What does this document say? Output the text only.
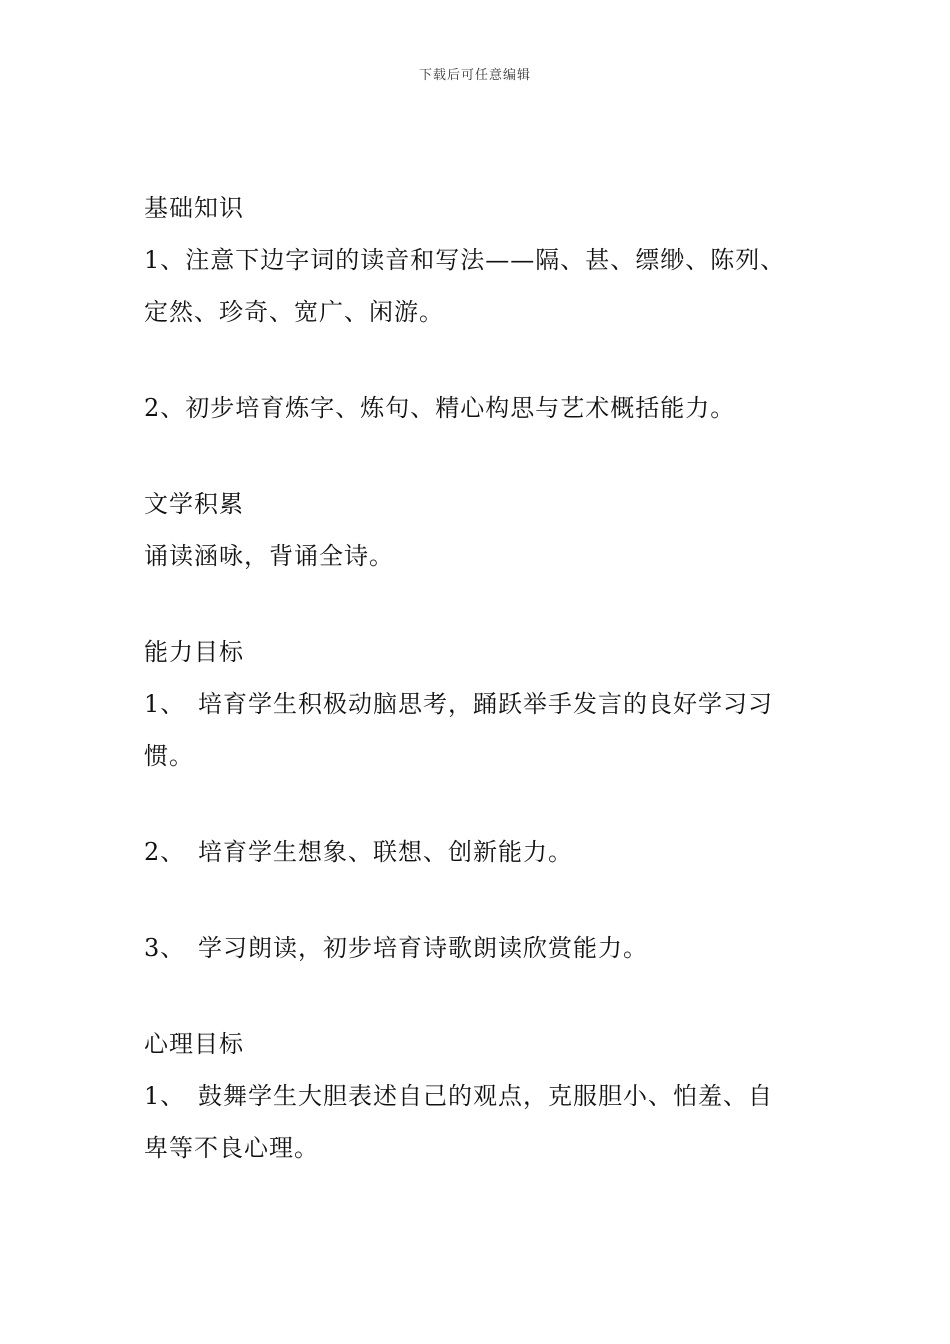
下载后可任意编辑
基础知识
1、注意下边字词的读音和写法——隔、甚、缥缈、陈列、
定然、珍奇、宽广、闲游。
2、初步培育炼字、炼句、精心构思与艺术概括能力。
文学积累
诵读涵咏，背诵全诗。
能力目标
1、 培育学生积极动脑思考，踊跃举手发言的良好学习习
惯。
2、 培育学生想象、联想、创新能力。
3、 学习朗读，初步培育诗歌朗读欣赏能力。
心理目标
1、 鼓舞学生大胆表述自己的观点，克服胆小、怕羞、自
卑等不良心理。
